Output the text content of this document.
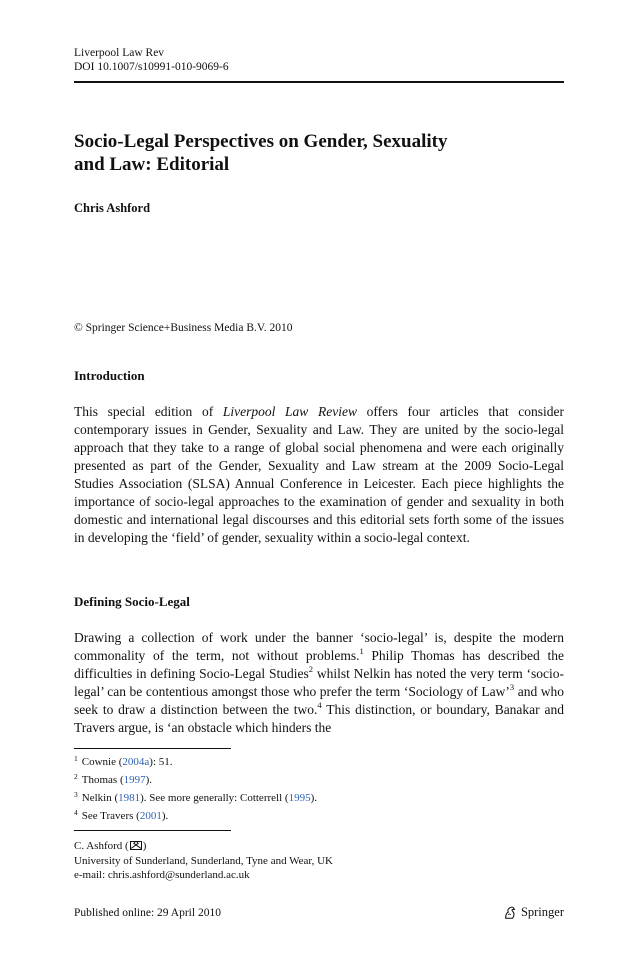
Liverpool Law Rev
DOI 10.1007/s10991-010-9069-6
Socio-Legal Perspectives on Gender, Sexuality
and Law: Editorial
Chris Ashford
© Springer Science+Business Media B.V. 2010
Introduction

This special edition of Liverpool Law Review offers four articles that consider contemporary issues in Gender, Sexuality and Law. They are united by the socio-legal approach that they take to a range of global social phenomena and were each originally presented as part of the Gender, Sexuality and Law stream at the 2009 Socio-Legal Studies Association (SLSA) Annual Conference in Leicester. Each piece highlights the importance of socio-legal approaches to the examination of gender and sexuality in both domestic and international legal discourses and this editorial sets forth some of the issues in developing the ‘field’ of gender, sexuality within a socio-legal context.

Defining Socio-Legal

Drawing a collection of work under the banner ‘socio-legal’ is, despite the modern commonality of the term, not without problems.$^1$ Philip Thomas has described the difficulties in defining Socio-Legal Studies$^2$ whilst Nelkin has noted the very term ‘socio-legal’ can be contentious amongst those who prefer the term ‘Sociology of Law’$^3$ and who seek to draw a distinction between the two.$^4$ This distinction, or boundary, Banakar and Travers argue, is ‘an obstacle which hinders the

$^1$ Cownie (2004a): 51.
$^2$ Thomas (1997).
$^3$ Nelkin (1981). See more generally: Cotterrell (1995).
$^4$ See Travers (2001).
C. Ashford ( )
University of Sunderland, Sunderland, Tyne and Wear, UK
e-mail: chris.ashford@sunderland.ac.uk
Published online: 29 April 2010	Springer
